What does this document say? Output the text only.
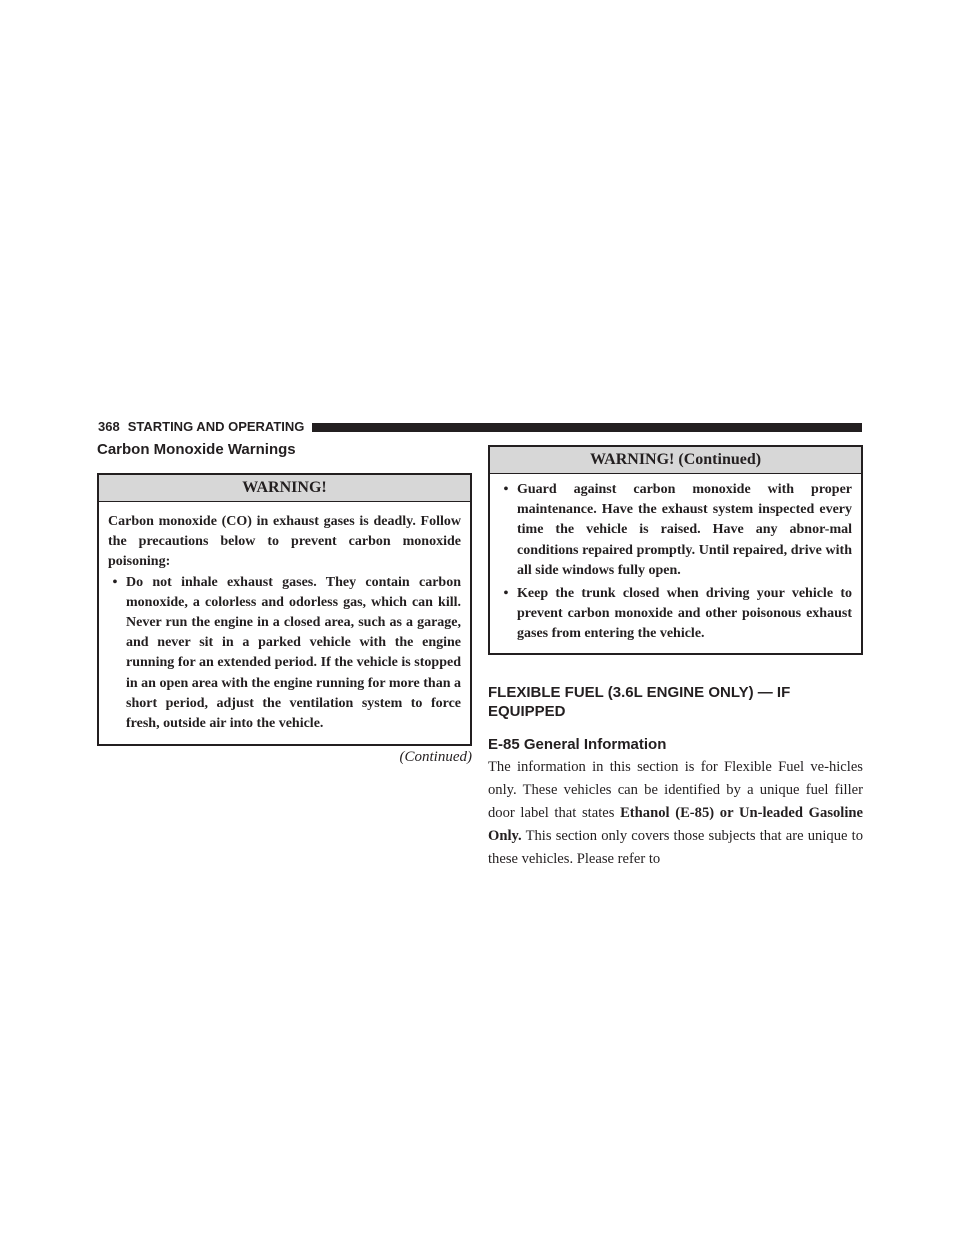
368 STARTING AND OPERATING
Carbon Monoxide Warnings
WARNING!

Carbon monoxide (CO) in exhaust gases is deadly. Follow the precautions below to prevent carbon monoxide poisoning:

• Do not inhale exhaust gases. They contain carbon monoxide, a colorless and odorless gas, which can kill. Never run the engine in a closed area, such as a garage, and never sit in a parked vehicle with the engine running for an extended period. If the vehicle is stopped in an open area with the engine running for more than a short period, adjust the ventilation system to force fresh, outside air into the vehicle.
(Continued)
WARNING! (Continued)
• Guard against carbon monoxide with proper maintenance. Have the exhaust system inspected every time the vehicle is raised. Have any abnor-mal conditions repaired promptly. Until repaired, drive with all side windows fully open.
• Keep the trunk closed when driving your vehicle to prevent carbon monoxide and other poisonous exhaust gases from entering the vehicle.
FLEXIBLE FUEL (3.6L ENGINE ONLY) — IF EQUIPPED
E-85 General Information

The information in this section is for Flexible Fuel ve-hicles only. These vehicles can be identified by a unique fuel filler door label that states Ethanol (E-85) or Un-leaded Gasoline Only. This section only covers those subjects that are unique to these vehicles. Please refer to
